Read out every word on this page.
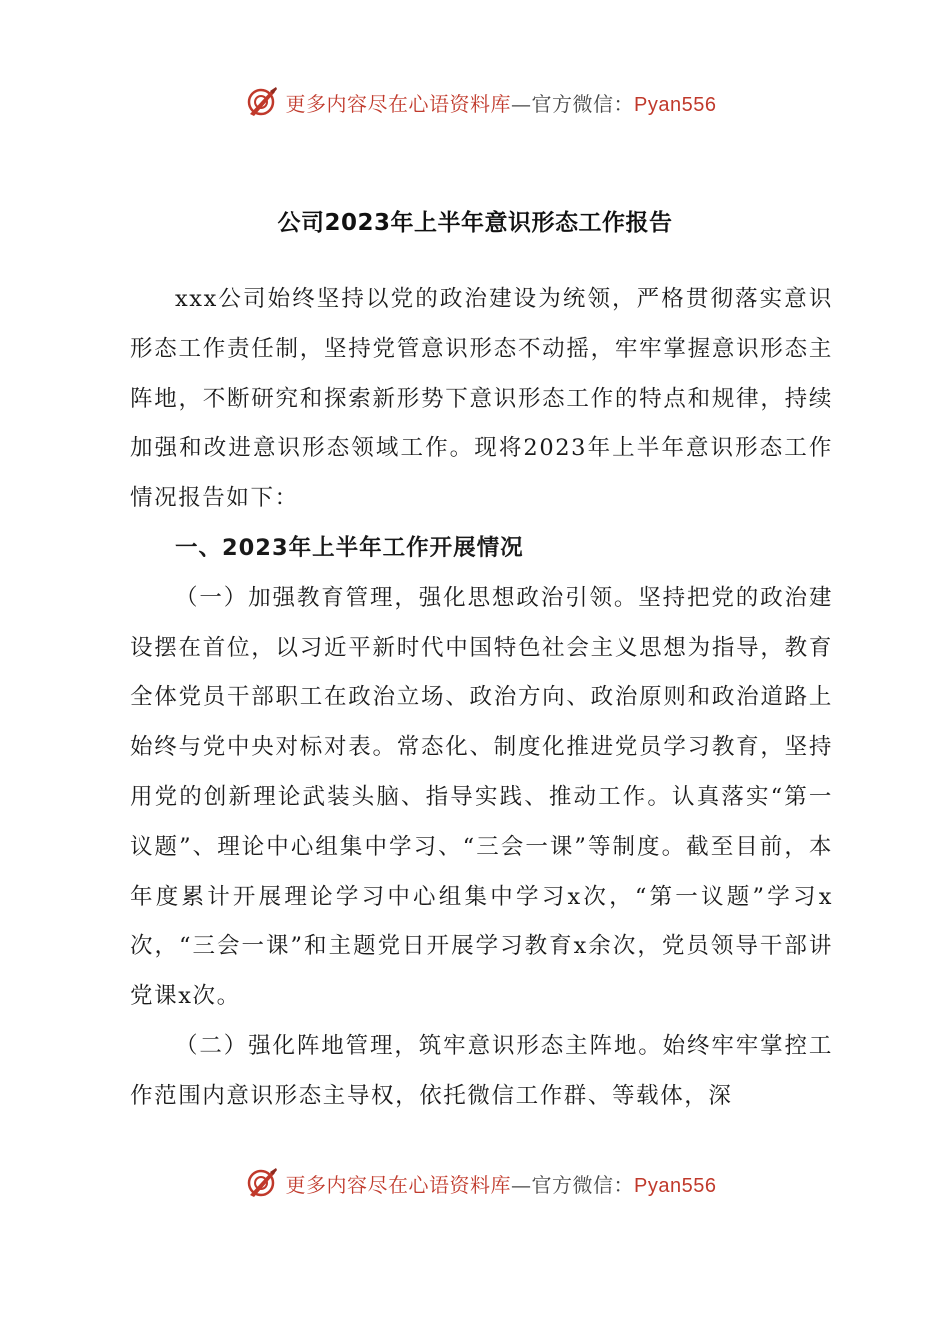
更多内容尽在心语资料库—官方微信：Pyan556
公司2023年上半年意识形态工作报告

xxx公司始终坚持以党的政治建设为统领，严格贯彻落实意识形态工作责任制，坚持党管意识形态不动摇，牢牢掌握意识形态主阵地，不断研究和探索新形势下意识形态工作的特点和规律，持续加强和改进意识形态领域工作。现将2023年上半年意识形态工作情况报告如下：

一、2023年上半年工作开展情况

（一）加强教育管理，强化思想政治引领。坚持把党的政治建设摆在首位，以习近平新时代中国特色社会主义思想为指导，教育全体党员干部职工在政治立场、政治方向、政治原则和政治道路上始终与党中央对标对表。常态化、制度化推进党员学习教育，坚持用党的创新理论武装头脑、指导实践、推动工作。认真落实“第一议题”、理论中心组集中学习、“三会一课”等制度。截至目前，本年度累计开展理论学习中心组集中学习x次，“第一议题”学习x次，“三会一课”和主题党日开展学习教育x余次，党员领导干部讲党课x次。

（二）强化阵地管理，筑牢意识形态主阵地。始终牢牢掌控工作范围内意识形态主导权，依托微信工作群、等载体，深

更多内容尽在心语资料库—官方微信：Pyan556
